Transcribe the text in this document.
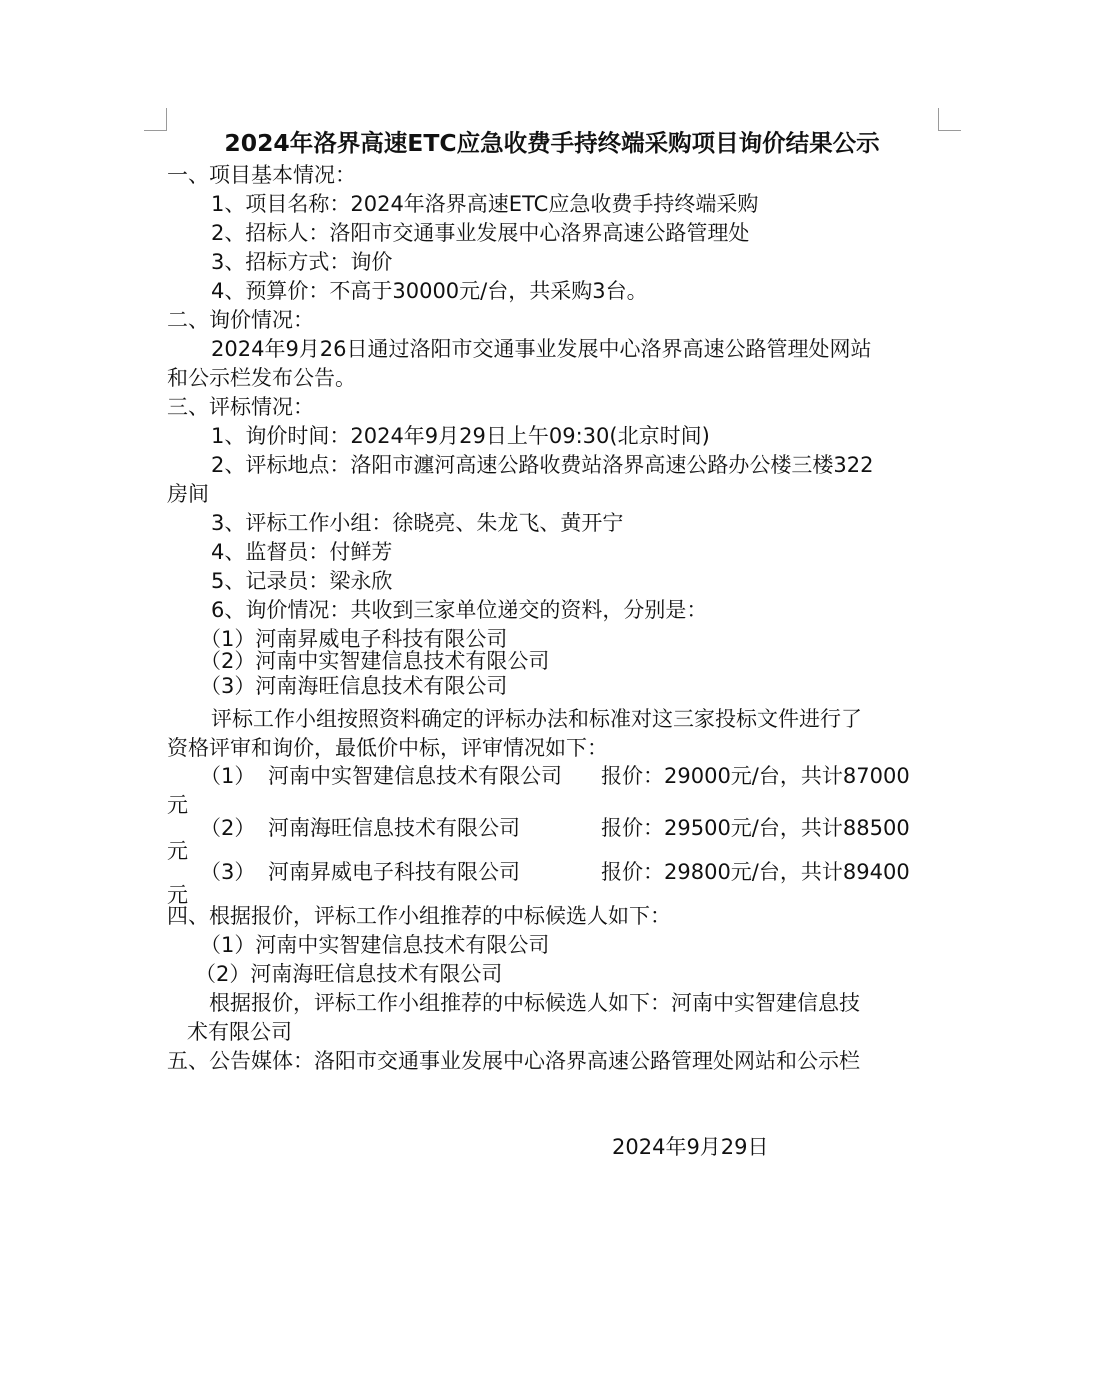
2024年洛界高速ETC应急收费手持终端采购项目询价结果公示
一、项目基本情况：
1、项目名称：2024年洛界高速ETC应急收费手持终端采购
2、招标人：洛阳市交通事业发展中心洛界高速公路管理处
3、招标方式：询价
4、预算价：不高于30000元/台，共采购3台。
二、询价情况：
2024年9月26日通过洛阳市交通事业发展中心洛界高速公路管理处网站
和公示栏发布公告。
三、评标情况：
1、询价时间：2024年9月29日上午09:30(北京时间)
2、评标地点：洛阳市瀍河高速公路收费站洛界高速公路办公楼三楼322
房间
3、评标工作小组：徐晓亮、朱龙飞、黄开宁
4、监督员：付鲜芳
5、记录员：梁永欣
6、询价情况：共收到三家单位递交的资料，分别是：
（1）河南昇威电子科技有限公司
（2）河南中实智建信息技术有限公司
（3）河南海旺信息技术有限公司
评标工作小组按照资料确定的评标办法和标准对这三家投标文件进行了
资格评审和询价，最低价中标，评审情况如下：
（1） 河南中实智建信息技术有限公司 报价：29000元/台，共计87000
元
（2） 河南海旺信息技术有限公司	报价：29500元/台，共计88500
元
（3） 河南昇威电子科技有限公司	报价：29800元/台，共计89400
元
四、根据报价，评标工作小组推荐的中标候选人如下：
（1）河南中实智建信息技术有限公司
（2）河南海旺信息技术有限公司
根据报价，评标工作小组推荐的中标候选人如下：河南中实智建信息技
术有限公司
五、公告媒体：洛阳市交通事业发展中心洛界高速公路管理处网站和公示栏
2024年9月29日
